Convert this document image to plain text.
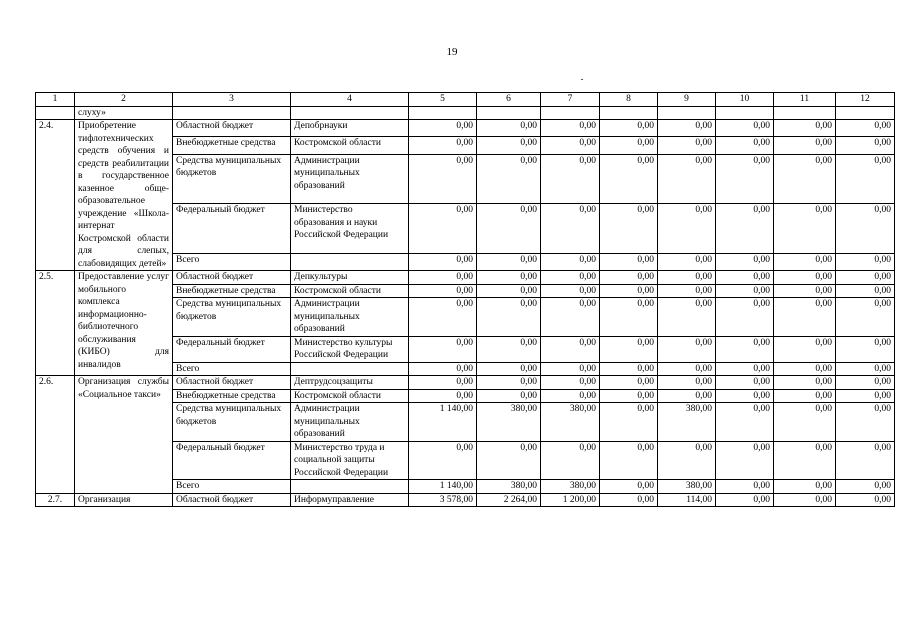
19
1	2	3	4	5	6	7	8	9	10	11	12
	слуху»										
2.4.	Приобретение тифлотехнических средств обучения и средств реабилитации в государственное казенное обще-образовательное учреждение «Школа-интернат Костромской области для слепых, слабовидящих детей»	Областной бюджет	Депобрнауки	0,00	0,00	0,00	0,00	0,00	0,00	0,00	0,00
		Внебюджетные средства	Костромской области	0,00	0,00	0,00	0,00	0,00	0,00	0,00	0,00
		Средства муниципальных бюджетов	Администрации муниципальных образований	0,00	0,00	0,00	0,00	0,00	0,00	0,00	0,00
		Федеральный бюджет	Министерство образования и науки Российской Федерации	0,00	0,00	0,00	0,00	0,00	0,00	0,00	0,00
		Всего		0,00	0,00	0,00	0,00	0,00	0,00	0,00	0,00
2.5.	Предоставление услуг мобильного комплекса информационно-библиотечного обслуживания (КИБО) для инвалидов	Областной бюджет	Депкультуры	0,00	0,00	0,00	0,00	0,00	0,00	0,00	0,00
		Внебюджетные средства	Костромской области	0,00	0,00	0,00	0,00	0,00	0,00	0,00	0,00
		Средства муниципальных бюджетов	Администрации муниципальных образований	0,00	0,00	0,00	0,00	0,00	0,00	0,00	0,00
		Федеральный бюджет	Министерство культуры Российской Федерации	0,00	0,00	0,00	0,00	0,00	0,00	0,00	0,00
		Всего		0,00	0,00	0,00	0,00	0,00	0,00	0,00	0,00
2.6.	Организация службы «Социальное такси»	Областной бюджет	Дептрудсоцзащиты	0,00	0,00	0,00	0,00	0,00	0,00	0,00	0,00
		Внебюджетные средства	Костромской области	0,00	0,00	0,00	0,00	0,00	0,00	0,00	0,00
		Средства муниципальных бюджетов	Администрации муниципальных образований	1 140,00	380,00	380,00	0,00	380,00	0,00	0,00	0,00
		Федеральный бюджет	Министерство труда и социальной защиты Российской Федерации	0,00	0,00	0,00	0,00	0,00	0,00	0,00	0,00
		Всего		1 140,00	380,00	380,00	0,00	380,00	0,00	0,00	0,00
2.7.	Организация	Областной бюджет	Информуправление	3 578,00	2 264,00	1 200,00	0,00	114,00	0,00	0,00	0,00
